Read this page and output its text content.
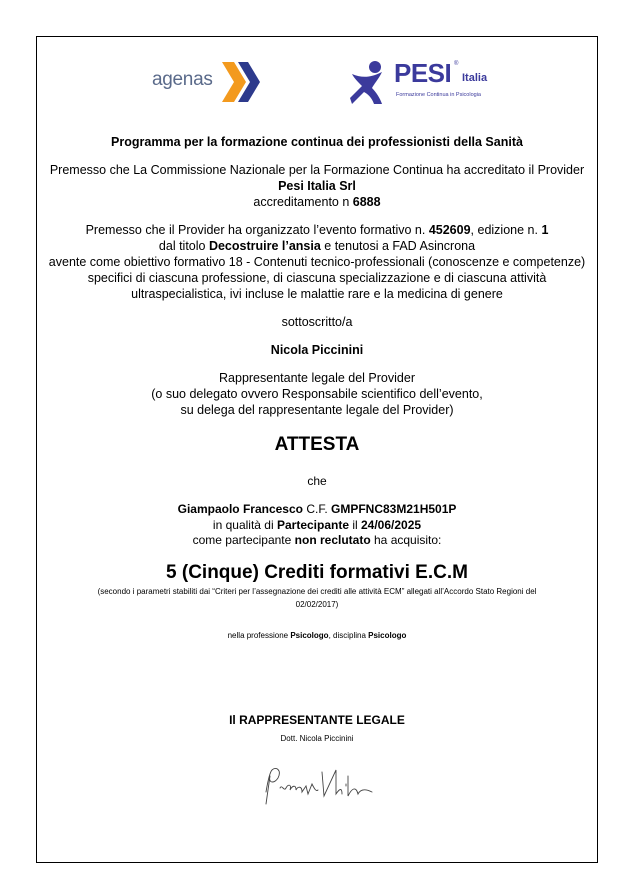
agenas	PESI ®
Italia
Formazione Continua in Psicologia
Programma per la formazione continua dei professionisti della Sanità
Premesso che La Commissione Nazionale per la Formazione Continua ha accreditato il Provider
Pesi Italia Srl
accreditamento n 6888
Premesso che il Provider ha organizzato l’evento formativo n. 452609, edizione n. 1
dal titolo Decostruire l’ansia e tenutosi a FAD Asincrona
avente come obiettivo formativo 18 - Contenuti tecnico-professionali (conoscenze e competenze)
specifici di ciascuna professione, di ciascuna specializzazione e di ciascuna attività
ultraspecialistica, ivi incluse le malattie rare e la medicina di genere
sottoscritto/a
Nicola Piccinini
Rappresentante legale del Provider
(o suo delegato ovvero Responsabile scientifico dell’evento,
su delega del rappresentante legale del Provider)
ATTESTA
che
Giampaolo Francesco C.F. GMPFNC83M21H501P
in qualità di Partecipante il 24/06/2025
come partecipante non reclutato ha acquisito:
5 (Cinque) Crediti formativi E.C.M
(secondo i parametri stabiliti dai “Criteri per l’assegnazione dei crediti alle attività ECM” allegati all’Accordo Stato Regioni del
02/02/2017)
nella professione Psicologo, disciplina Psicologo
Il RAPPRESENTANTE LEGALE
Dott. Nicola Piccinini
